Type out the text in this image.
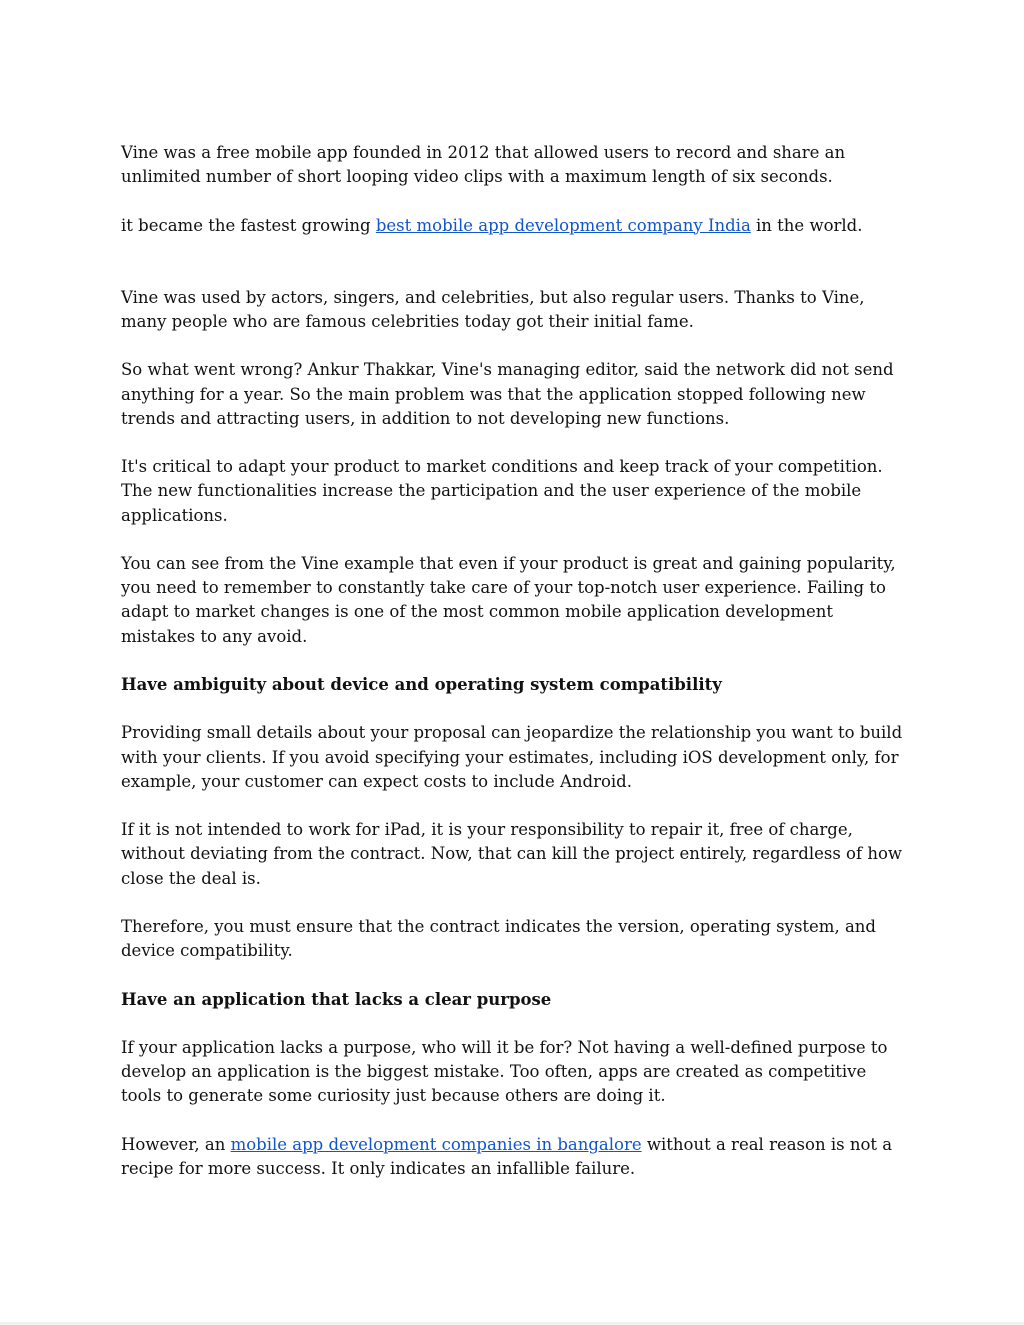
Vine was a free mobile app founded in 2012 that allowed users to record and share an unlimited number of short looping video clips with a maximum length of six seconds.

it became the fastest growing best mobile app development company India in the world.

Vine was used by actors, singers, and celebrities, but also regular users. Thanks to Vine, many people who are famous celebrities today got their initial fame.

So what went wrong? Ankur Thakkar, Vine's managing editor, said the network did not send anything for a year. So the main problem was that the application stopped following new trends and attracting users, in addition to not developing new functions.

It's critical to adapt your product to market conditions and keep track of your competition. The new functionalities increase the participation and the user experience of the mobile applications.

You can see from the Vine example that even if your product is great and gaining popularity, you need to remember to constantly take care of your top-notch user experience. Failing to adapt to market changes is one of the most common mobile application development mistakes to any avoid.

Have ambiguity about device and operating system compatibility

Providing small details about your proposal can jeopardize the relationship you want to build with your clients. If you avoid specifying your estimates, including iOS development only, for example, your customer can expect costs to include Android.

If it is not intended to work for iPad, it is your responsibility to repair it, free of charge, without deviating from the contract. Now, that can kill the project entirely, regardless of how close the deal is.

Therefore, you must ensure that the contract indicates the version, operating system, and device compatibility.

Have an application that lacks a clear purpose

If your application lacks a purpose, who will it be for? Not having a well-defined purpose to develop an application is the biggest mistake. Too often, apps are created as competitive tools to generate some curiosity just because others are doing it.

However, an mobile app development companies in bangalore without a real reason is not a recipe for more success. It only indicates an infallible failure.
